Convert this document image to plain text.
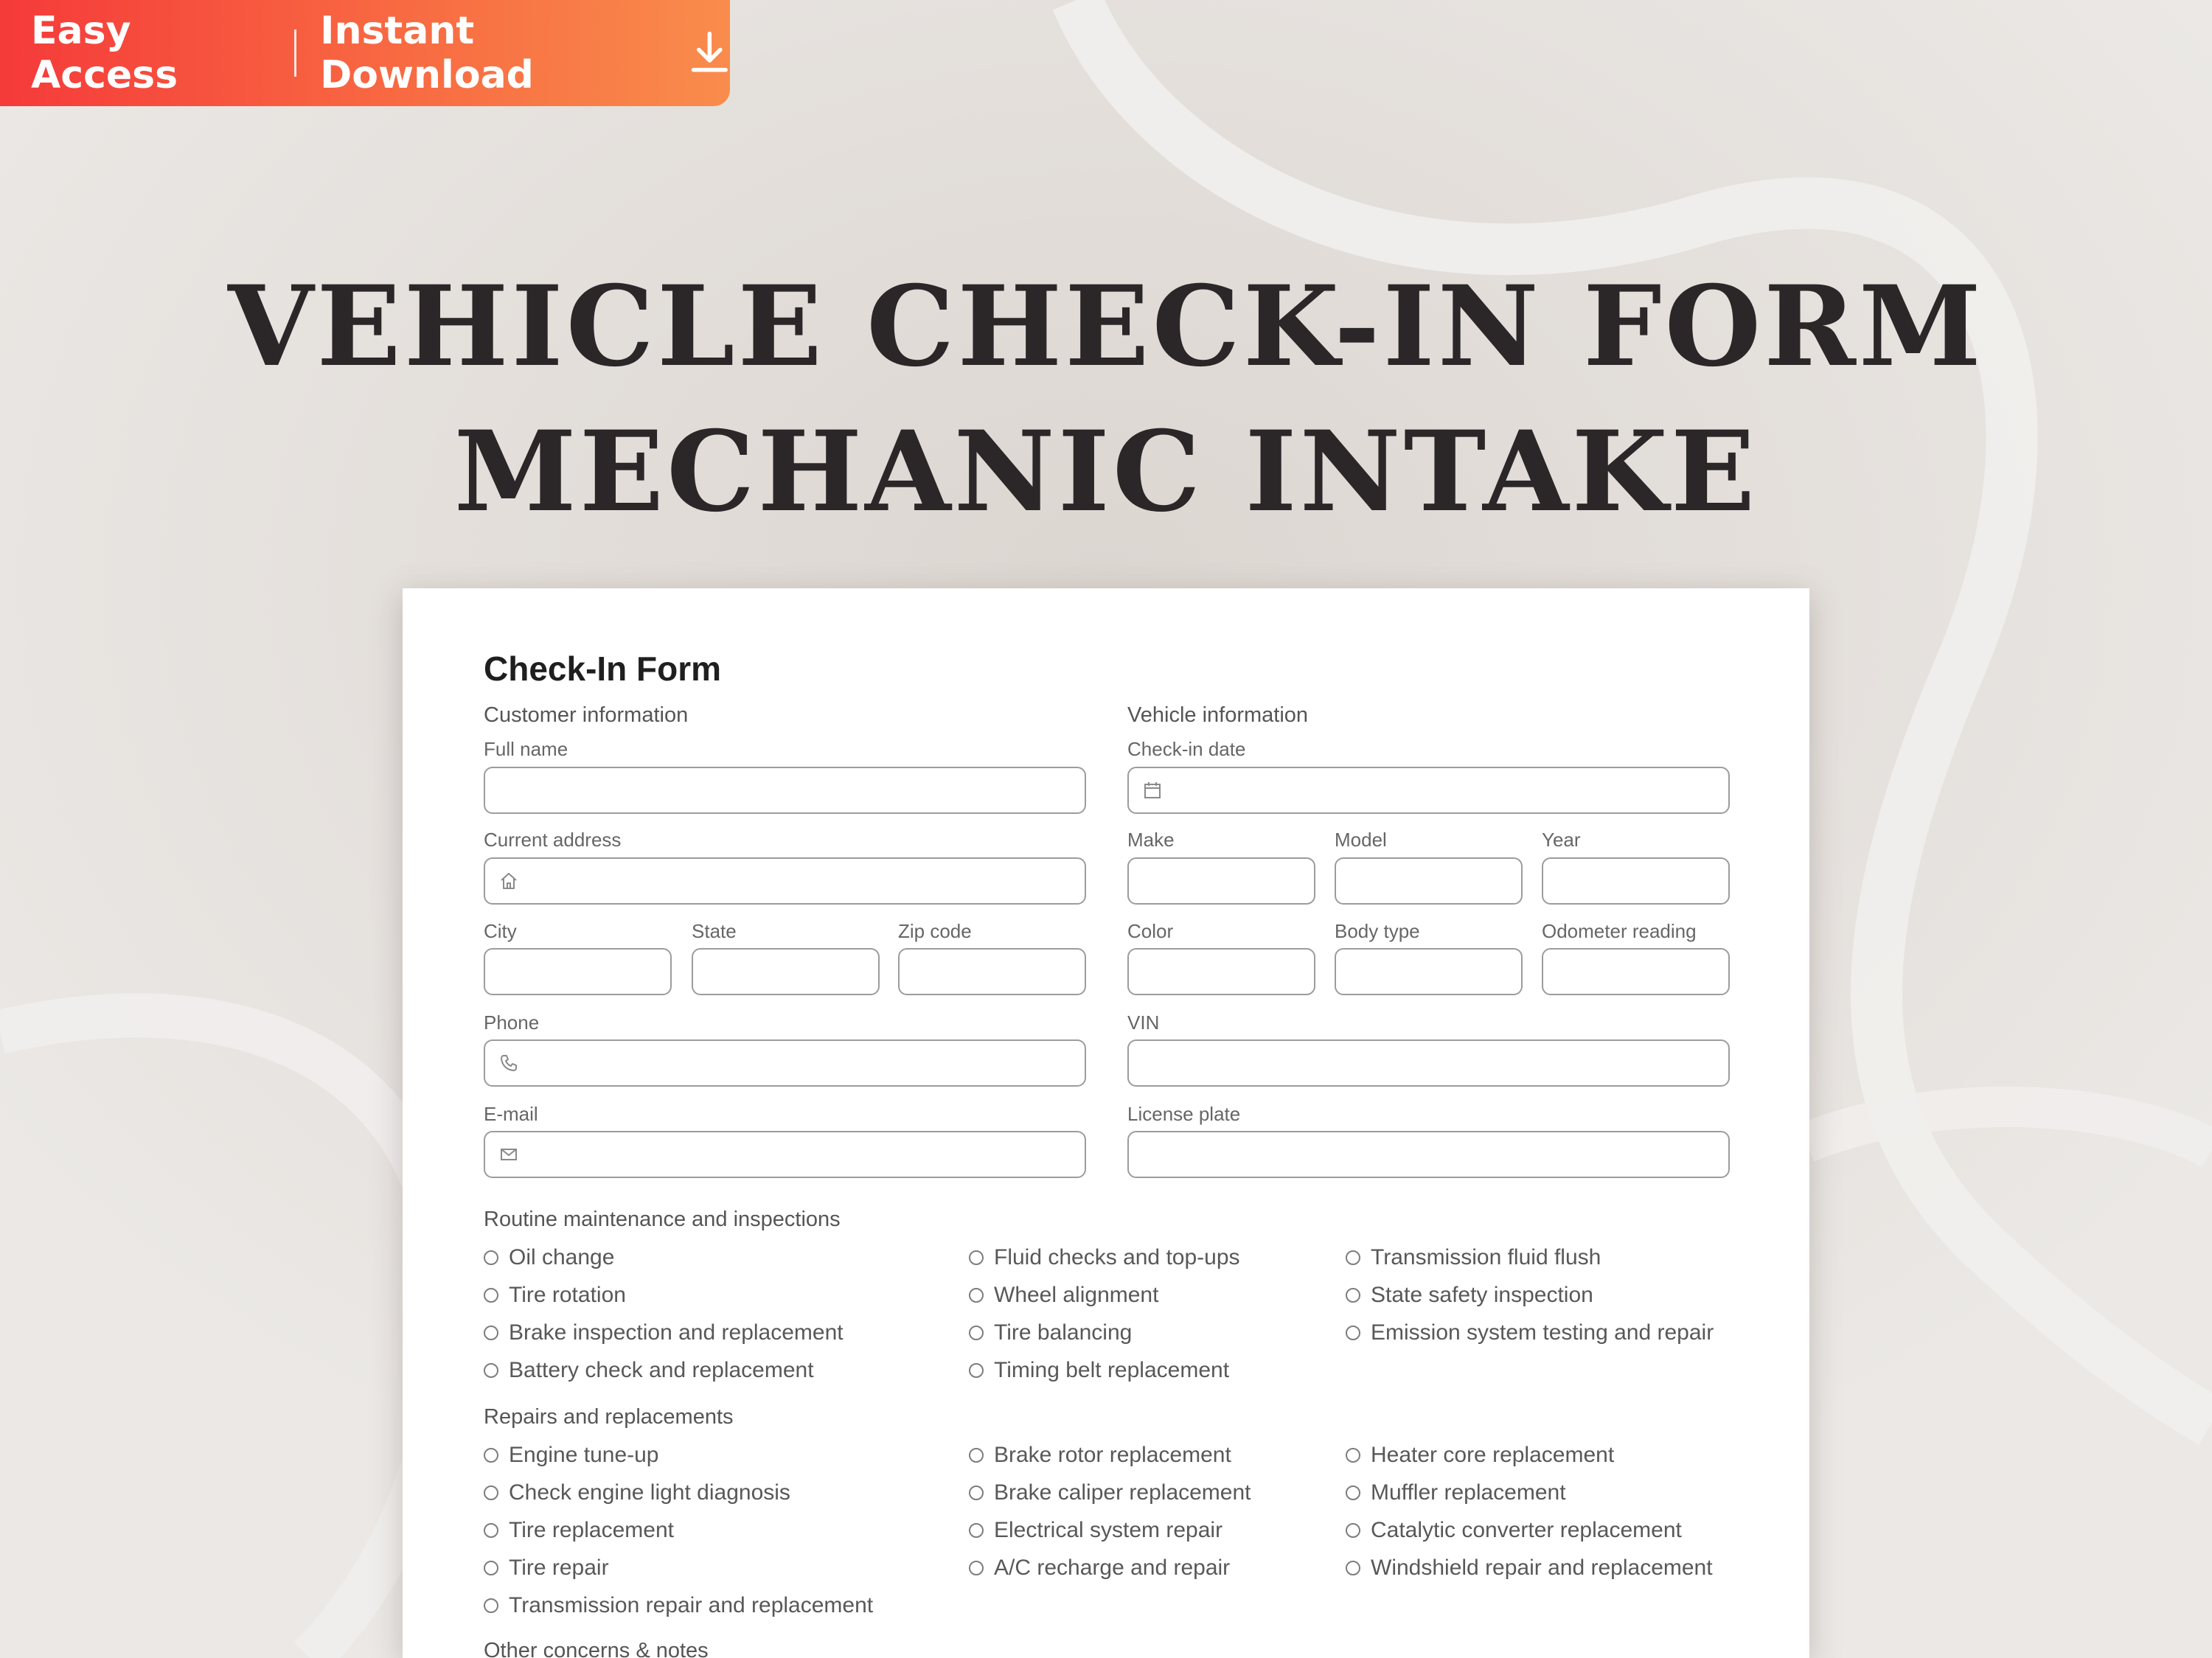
Easy Access
Instant Download
VEHICLE CHECK-IN FORM
MECHANIC INTAKE
Check-In Form
Customer information
Full name
Current address
City	State	Zip code
Phone
E-mail
Vehicle information
Check-in date
Make	Model	Year
Color	Body type	Odometer reading
VIN
License plate
Routine maintenance and inspections
Oil change
Tire rotation
Brake inspection and replacement
Battery check and replacement
Fluid checks and top-ups
Wheel alignment
Tire balancing
Timing belt replacement
Transmission fluid flush
State safety inspection
Emission system testing and repair
Repairs and replacements
Engine tune-up
Check engine light diagnosis
Tire replacement
Tire repair
Transmission repair and replacement
Brake rotor replacement
Brake caliper replacement
Electrical system repair
A/C recharge and repair
Heater core replacement
Muffler replacement
Catalytic converter replacement
Windshield repair and replacement
Other concerns & notes
